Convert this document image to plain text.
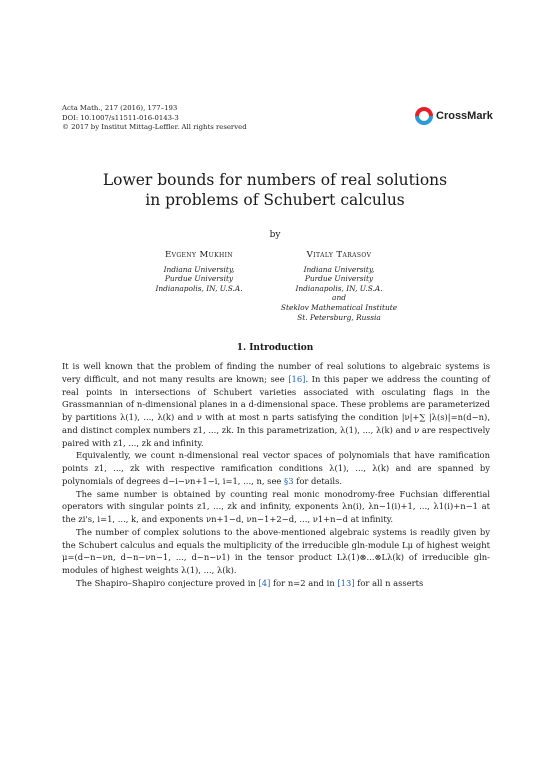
Acta Math., 217 (2016), 177–193
DOI: 10.1007/s11511-016-0143-3
© 2017 by Institut Mittag-Leffler. All rights reserved
CrossMark
Lower bounds for numbers of real solutions
in problems of Schubert calculus
by
Evgeny Mukhin
Indiana University,
Purdue University
Indianapolis, IN, U.S.A.
Vitaly Tarasov
Indiana University,
Purdue University
Indianapolis, IN, U.S.A.
and
Steklov Mathematical Institute
St. Petersburg, Russia
1. Introduction

It is well known that the problem of finding the number of real solutions to algebraic systems is very difficult, and not many results are known; see [16]. In this paper we address the counting of real points in intersections of Schubert varieties associated with osculating flags in the Grassmannian of n-dimensional planes in a d-dimensional space. These problems are parameterized by partitions λ(1), ..., λ(k) and ν with at most n parts satisfying the condition |ν|+∑ |λ(s)|=n(d−n), and distinct complex numbers z1, ..., zk. In this parametrization, λ(1), ..., λ(k) and ν are respectively paired with z1, ..., zk and infinity.

Equivalently, we count n-dimensional real vector spaces of polynomials that have ramification points z1, ..., zk with respective ramification conditions λ(1), ..., λ(k) and are spanned by polynomials of degrees d−i−νn+1−i, i=1, ..., n, see §3 for details.

The same number is obtained by counting real monic monodromy-free Fuchsian differential operators with singular points z1, ..., zk and infinity, exponents λn(i), λn−1(i)+1, ..., λ1(i)+n−1 at the zi's, i=1, ..., k, and exponents νn+1−d, νn−1+2−d, ..., ν1+n−d at infinity.

The number of complex solutions to the above-mentioned algebraic systems is readily given by the Schubert calculus and equals the multiplicity of the irreducible gln-module Lμ of highest weight μ=(d−n−νn, d−n−νn−1, ..., d−n−ν1) in the tensor product Lλ(1)⊗...⊗Lλ(k) of irreducible gln-modules of highest weights λ(1), ..., λ(k).

The Shapiro–Shapiro conjecture proved in [4] for n=2 and in [13] for all n asserts
